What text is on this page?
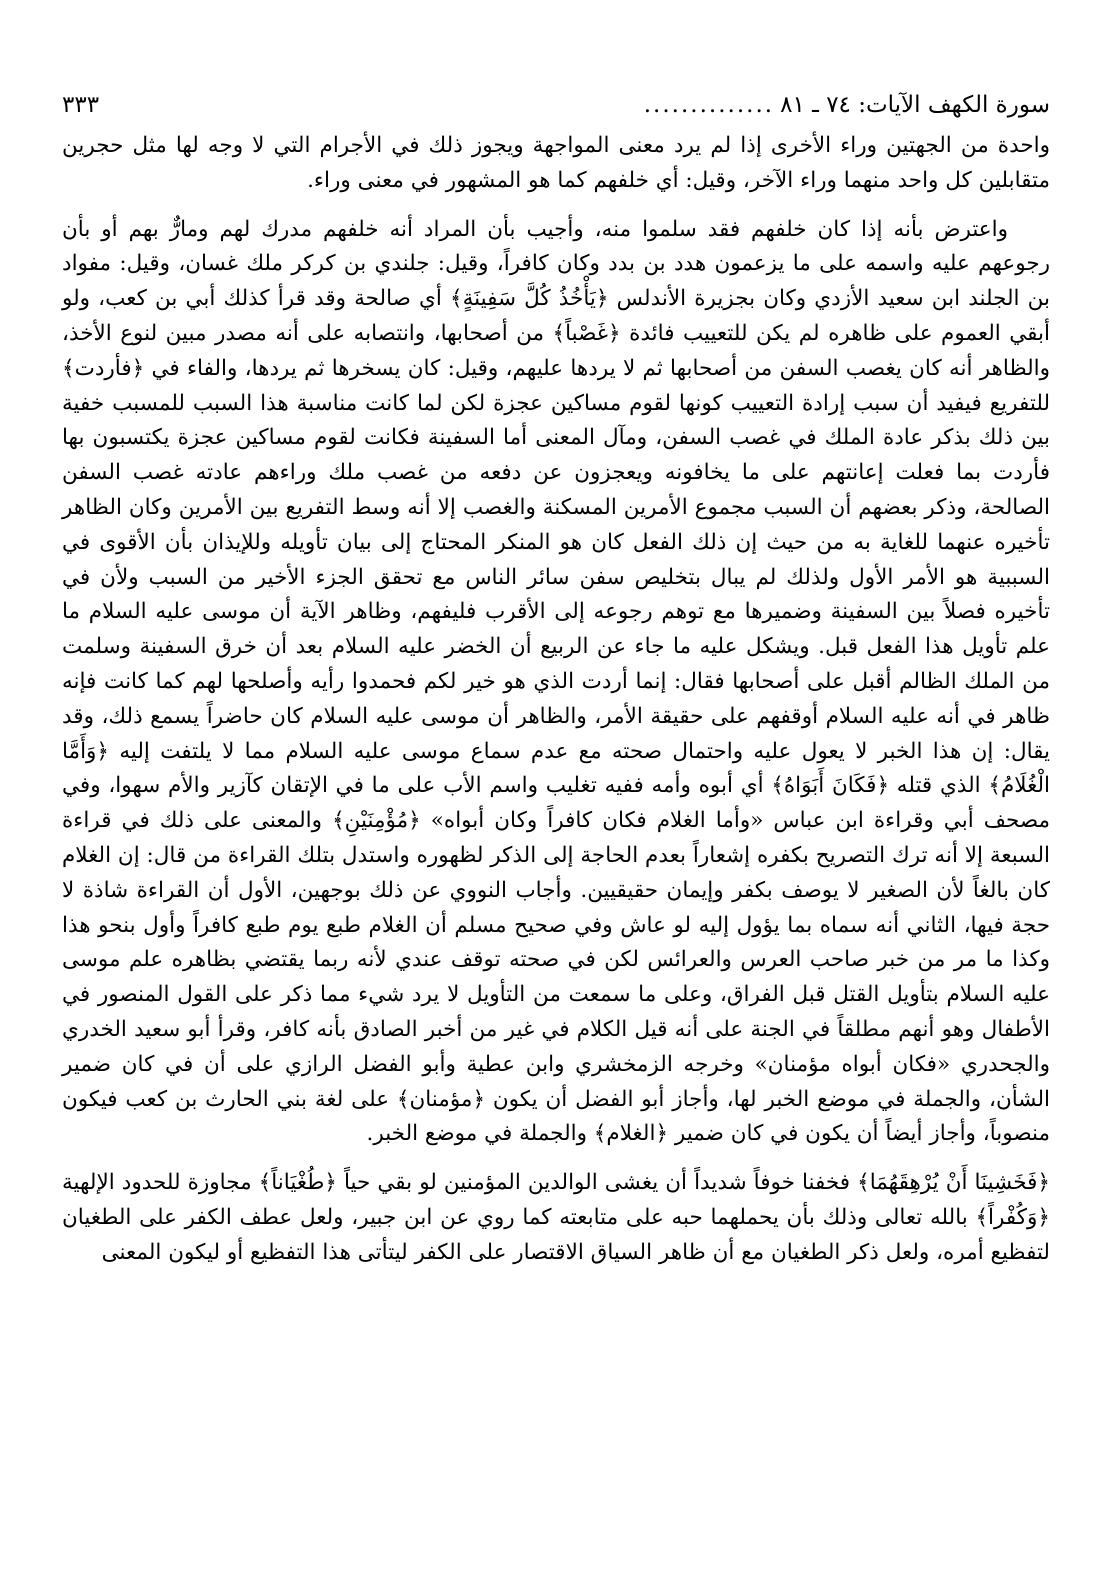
سورة الكهف الآيات: ٧٤ ـ ٨١
..............
٣٣٣

واحدة من الجهتين وراء الأخرى إذا لم يرد معنى المواجهة ويجوز ذلك في الأجرام التي لا وجه لها مثل حجرين متقابلين كل واحد منهما وراء الآخر، وقيل: أي خلفهم كما هو المشهور في معنى وراء.

واعترض بأنه إذا كان خلفهم فقد سلموا منه، وأجيب بأن المراد أنه خلفهم مدرك لهم ومارٌّ بهم أو بأن رجوعهم عليه واسمه على ما يزعمون هدد بن بدد وكان كافراً، وقيل: جلندي بن كركر ملك غسان، وقيل: مفواد بن الجلند ابن سعيد الأزدي وكان بجزيرة الأندلس ﴿يَأْخُذُ كُلَّ سَفِينَةٍ﴾ أي صالحة وقد قرأ كذلك أبي بن كعب، ولو أبقي العموم على ظاهره لم يكن للتعييب فائدة ﴿غَصْباً﴾ من أصحابها، وانتصابه على أنه مصدر مبين لنوع الأخذ، والظاهر أنه كان يغصب السفن من أصحابها ثم لا يردها عليهم، وقيل: كان يسخرها ثم يردها، والفاء في ﴿فأردت﴾ للتفريع فيفيد أن سبب إرادة التعييب كونها لقوم مساكين عجزة لكن لما كانت مناسبة هذا السبب للمسبب خفية بين ذلك بذكر عادة الملك في غصب السفن، ومآل المعنى أما السفينة فكانت لقوم مساكين عجزة يكتسبون بها فأردت بما فعلت إعانتهم على ما يخافونه ويعجزون عن دفعه من غصب ملك وراءهم عادته غصب السفن الصالحة، وذكر بعضهم أن السبب مجموع الأمرين المسكنة والغصب إلا أنه وسط التفريع بين الأمرين وكان الظاهر تأخيره عنهما للغاية به من حيث إن ذلك الفعل كان هو المنكر المحتاج إلى بيان تأويله وللإيذان بأن الأقوى في السببية هو الأمر الأول ولذلك لم يبال بتخليص سفن سائر الناس مع تحقق الجزء الأخير من السبب ولأن في تأخيره فصلاً بين السفينة وضميرها مع توهم رجوعه إلى الأقرب فليفهم، وظاهر الآية أن موسى عليه السلام ما علم تأويل هذا الفعل قبل. ويشكل عليه ما جاء عن الربيع أن الخضر عليه السلام بعد أن خرق السفينة وسلمت من الملك الظالم أقبل على أصحابها فقال: إنما أردت الذي هو خير لكم فحمدوا رأيه وأصلحها لهم كما كانت فإنه ظاهر في أنه عليه السلام أوقفهم على حقيقة الأمر، والظاهر أن موسى عليه السلام كان حاضراً يسمع ذلك، وقد يقال: إن هذا الخبر لا يعول عليه واحتمال صحته مع عدم سماع موسى عليه السلام مما لا يلتفت إليه ﴿وَأَمَّا الْغُلَامُ﴾ الذي قتله ﴿فَكَانَ أَبَوَاهُ﴾ أي أبوه وأمه ففيه تغليب واسم الأب على ما في الإتقان كآزير والأم سهوا، وفي مصحف أبي وقراءة ابن عباس «وأما الغلام فكان كافراً وكان أبواه» ﴿مُؤْمِنَيْنِ﴾ والمعنى على ذلك في قراءة السبعة إلا أنه ترك التصريح بكفره إشعاراً بعدم الحاجة إلى الذكر لظهوره واستدل بتلك القراءة من قال: إن الغلام كان بالغاً لأن الصغير لا يوصف بكفر وإيمان حقيقيين. وأجاب النووي عن ذلك بوجهين، الأول أن القراءة شاذة لا حجة فيها، الثاني أنه سماه بما يؤول إليه لو عاش وفي صحيح مسلم أن الغلام طبع يوم طبع كافراً وأول بنحو هذا وكذا ما مر من خبر صاحب العرس والعرائس لكن في صحته توقف عندي لأنه ربما يقتضي بظاهره علم موسى عليه السلام بتأويل القتل قبل الفراق، وعلى ما سمعت من التأويل لا يرد شيء مما ذكر على القول المنصور في الأطفال وهو أنهم مطلقاً في الجنة على أنه قيل الكلام في غير من أخبر الصادق بأنه كافر، وقرأ أبو سعيد الخدري والجحدري «فكان أبواه مؤمنان» وخرجه الزمخشري وابن عطية وأبو الفضل الرازي على أن في كان ضمير الشأن، والجملة في موضع الخبر لها، وأجاز أبو الفضل أن يكون ﴿مؤمنان﴾ على لغة بني الحارث بن كعب فيكون منصوباً، وأجاز أيضاً أن يكون في كان ضمير ﴿الغلام﴾ والجملة في موضع الخبر.

﴿فَخَشِينَا أَنْ يُرْهِقَهُمَا﴾ فخفنا خوفاً شديداً أن يغشى الوالدين المؤمنين لو بقي حياً ﴿طُغْيَاناً﴾ مجاوزة للحدود الإلهية ﴿وَكُفْراً﴾ بالله تعالى وذلك بأن يحملهما حبه على متابعته كما روي عن ابن جبير، ولعل عطف الكفر على الطغيان لتفظيع أمره، ولعل ذكر الطغيان مع أن ظاهر السياق الاقتصار على الكفر ليتأتى هذا التفظيع أو ليكون المعنى
